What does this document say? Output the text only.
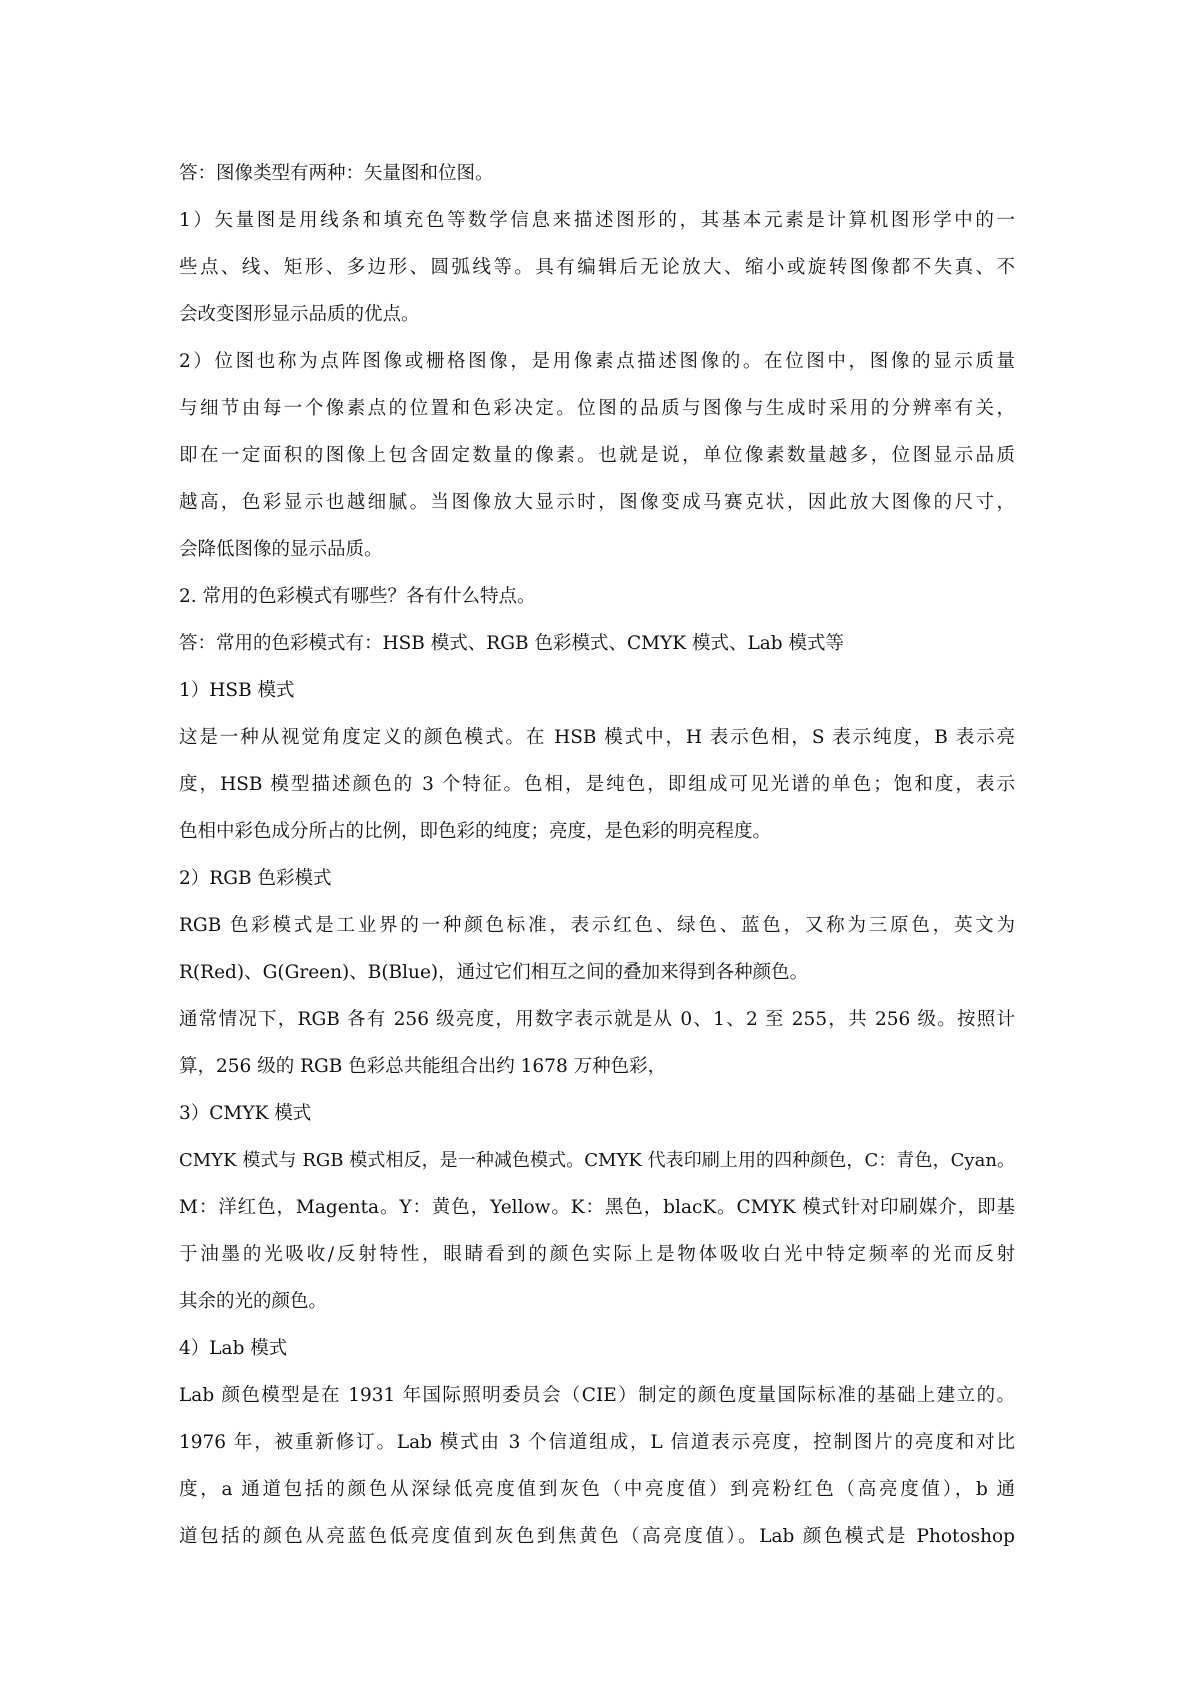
答：图像类型有两种：矢量图和位图。
1）矢量图是用线条和填充色等数学信息来描述图形的，其基本元素是计算机图形学中的一
些点、线、矩形、多边形、圆弧线等。具有编辑后无论放大、缩小或旋转图像都不失真、不
会改变图形显示品质的优点。
2）位图也称为点阵图像或栅格图像，是用像素点描述图像的。在位图中，图像的显示质量
与细节由每一个像素点的位置和色彩决定。位图的品质与图像与生成时采用的分辨率有关，
即在一定面积的图像上包含固定数量的像素。也就是说，单位像素数量越多，位图显示品质
越高，色彩显示也越细腻。当图像放大显示时，图像变成马赛克状，因此放大图像的尺寸，
会降低图像的显示品质。
2. 常用的色彩模式有哪些？各有什么特点。
答：常用的色彩模式有：HSB 模式、RGB 色彩模式、CMYK 模式、Lab 模式等
1）HSB 模式
这是一种从视觉角度定义的颜色模式。在 HSB 模式中，H 表示色相，S 表示纯度，B 表示亮
度，HSB 模型描述颜色的 3 个特征。色相，是纯色，即组成可见光谱的单色；饱和度，表示
色相中彩色成分所占的比例，即色彩的纯度；亮度，是色彩的明亮程度。
2）RGB 色彩模式
RGB 色彩模式是工业界的一种颜色标准，表示红色、绿色、蓝色，又称为三原色，英文为
R(Red)、G(Green)、B(Blue)，通过它们相互之间的叠加来得到各种颜色。
通常情况下，RGB 各有 256 级亮度，用数字表示就是从 0、1、2 至 255，共 256 级。按照计
算，256 级的 RGB 色彩总共能组合出约 1678 万种色彩，
3）CMYK 模式
CMYK 模式与 RGB 模式相反，是一种减色模式。CMYK 代表印刷上用的四种颜色，C：青色，Cyan。
M：洋红色，Magenta。Y：黄色，Yellow。K：黑色，blacK。CMYK 模式针对印刷媒介，即基
于油墨的光吸收/反射特性，眼睛看到的颜色实际上是物体吸收白光中特定频率的光而反射
其余的光的颜色。
4）Lab 模式
Lab 颜色模型是在 1931 年国际照明委员会（CIE）制定的颜色度量国际标准的基础上建立的。
1976 年，被重新修订。Lab 模式由 3 个信道组成，L 信道表示亮度，控制图片的亮度和对比
度，a 通道包括的颜色从深绿低亮度值到灰色（中亮度值）到亮粉红色（高亮度值），b 通
道包括的颜色从亮蓝色低亮度值到灰色到焦黄色（高亮度值）。Lab 颜色模式是 Photoshop
